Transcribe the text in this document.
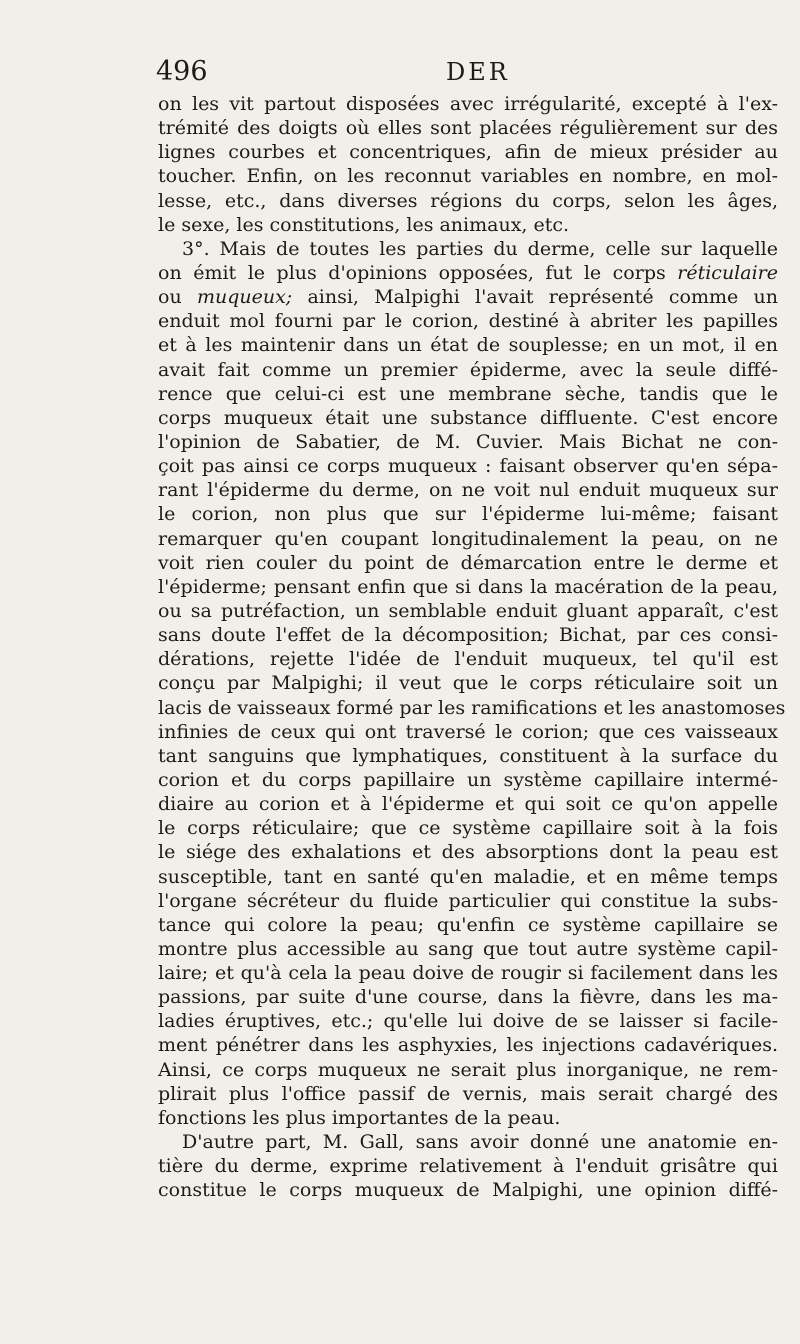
496	DER
on les vit partout disposées avec irrégularité, excepté à l'ex-
trémité des doigts où elles sont placées régulièrement sur des
lignes courbes et concentriques, afin de mieux présider au
toucher. Enfin, on les reconnut variables en nombre, en mol-
lesse, etc., dans diverses régions du corps, selon les âges,
le sexe, les constitutions, les animaux, etc.
3°. Mais de toutes les parties du derme, celle sur laquelle
on émit le plus d'opinions opposées, fut le corps réticulaire
ou muqueux; ainsi, Malpighi l'avait représenté comme un
enduit mol fourni par le corion, destiné à abriter les papilles
et à les maintenir dans un état de souplesse; en un mot, il en
avait fait comme un premier épiderme, avec la seule diffé-
rence que celui-ci est une membrane sèche, tandis que le
corps muqueux était une substance diffluente. C'est encore
l'opinion de Sabatier, de M. Cuvier. Mais Bichat ne con-
çoit pas ainsi ce corps muqueux : faisant observer qu'en sépa-
rant l'épiderme du derme, on ne voit nul enduit muqueux sur
le corion, non plus que sur l'épiderme lui-même; faisant
remarquer qu'en coupant longitudinalement la peau, on ne
voit rien couler du point de démarcation entre le derme et
l'épiderme; pensant enfin que si dans la macération de la peau,
ou sa putréfaction, un semblable enduit gluant apparaît, c'est
sans doute l'effet de la décomposition; Bichat, par ces consi-
dérations, rejette l'idée de l'enduit muqueux, tel qu'il est
conçu par Malpighi; il veut que le corps réticulaire soit un
lacis de vaisseaux formé par les ramifications et les anastomoses
infinies de ceux qui ont traversé le corion; que ces vaisseaux
tant sanguins que lymphatiques, constituent à la surface du
corion et du corps papillaire un système capillaire intermé-
diaire au corion et à l'épiderme et qui soit ce qu'on appelle
le corps réticulaire; que ce système capillaire soit à la fois
le siége des exhalations et des absorptions dont la peau est
susceptible, tant en santé qu'en maladie, et en même temps
l'organe sécréteur du fluide particulier qui constitue la subs-
tance qui colore la peau; qu'enfin ce système capillaire se
montre plus accessible au sang que tout autre système capil-
laire; et qu'à cela la peau doive de rougir si facilement dans les
passions, par suite d'une course, dans la fièvre, dans les ma-
ladies éruptives, etc.; qu'elle lui doive de se laisser si facile-
ment pénétrer dans les asphyxies, les injections cadavériques.
Ainsi, ce corps muqueux ne serait plus inorganique, ne rem-
plirait plus l'office passif de vernis, mais serait chargé des
fonctions les plus importantes de la peau.
D'autre part, M. Gall, sans avoir donné une anatomie en-
tière du derme, exprime relativement à l'enduit grisâtre qui
constitue le corps muqueux de Malpighi, une opinion diffé-
